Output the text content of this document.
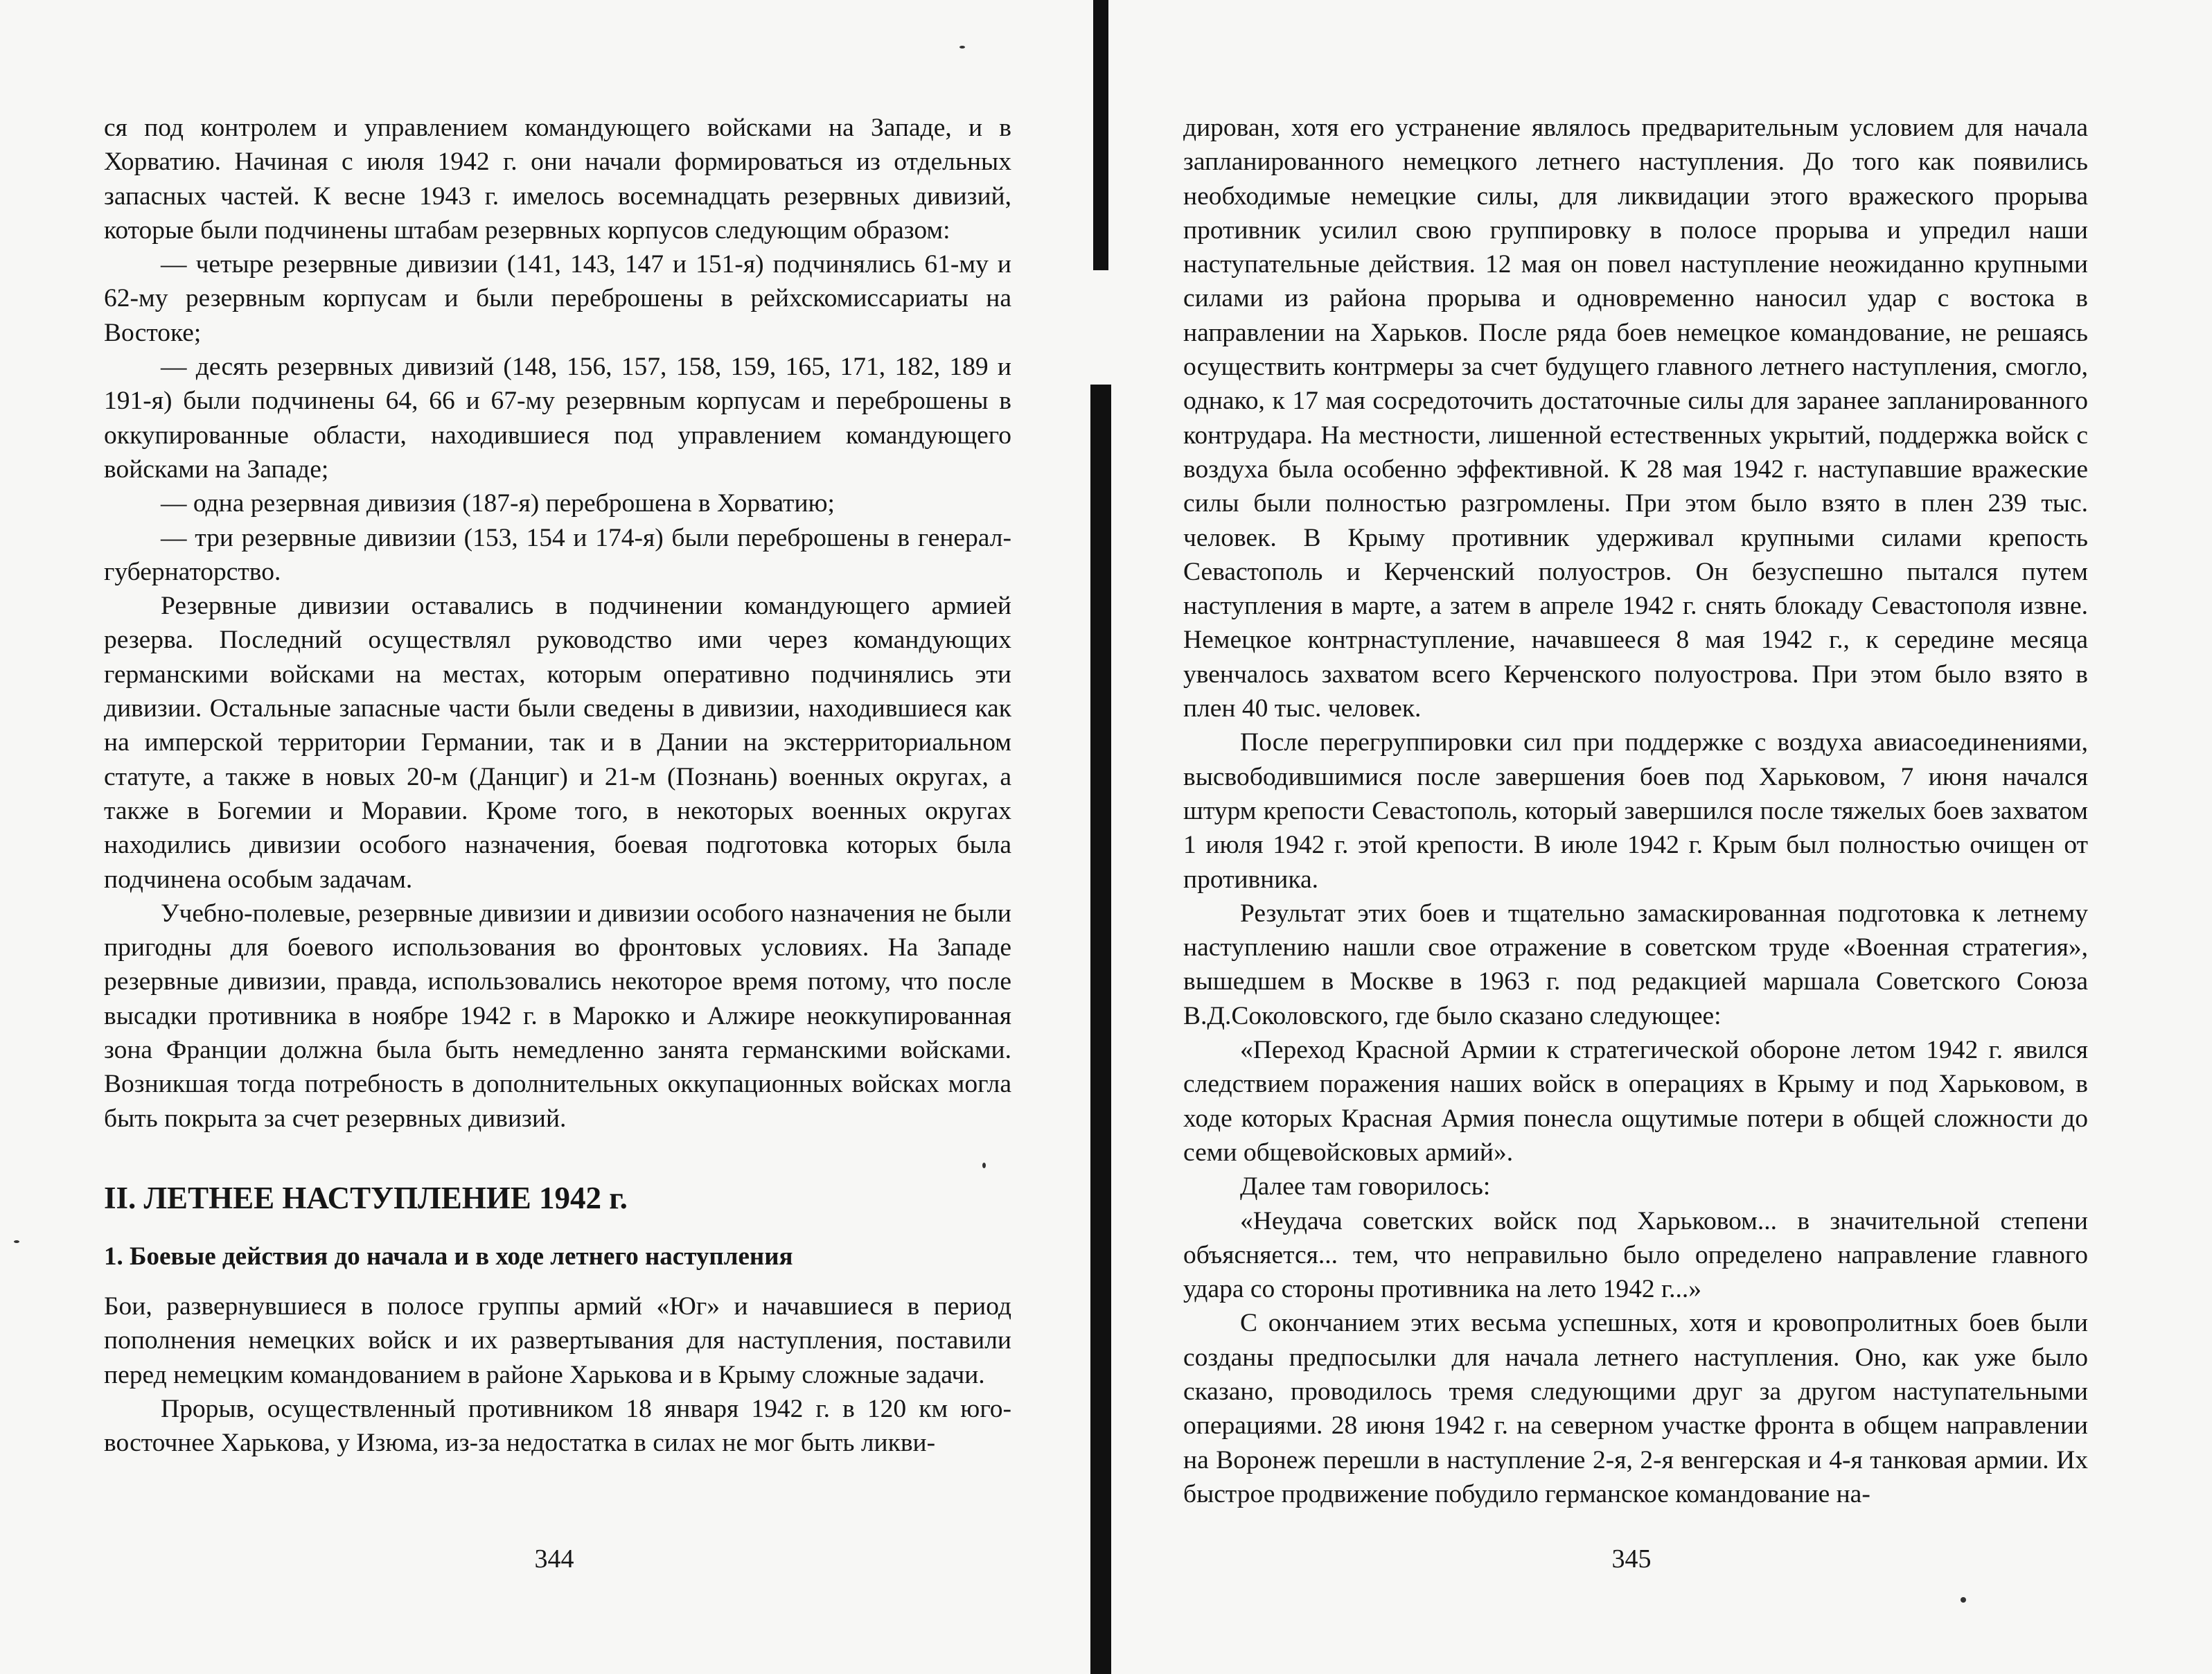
ся под контролем и управлением командующего войсками на Западе, и в Хорватию. Начиная с июля 1942 г. они начали формироваться из отдельных запасных частей. К весне 1943 г. имелось восемнадцать резервных дивизий, которые были подчинены штабам резервных корпусов следующим образом:

— четыре резервные дивизии (141, 143, 147 и 151-я) подчинялись 61-му и 62-му резервным корпусам и были переброшены в рейхскомиссариаты на Востоке;

— десять резервных дивизий (148, 156, 157, 158, 159, 165, 171, 182, 189 и 191-я) были подчинены 64, 66 и 67-му резервным корпусам и переброшены в оккупированные области, находившиеся под управлением командующего войсками на Западе;

— одна резервная дивизия (187-я) переброшена в Хорватию;

— три резервные дивизии (153, 154 и 174-я) были переброшены в генерал-губернаторство.

Резервные дивизии оставались в подчинении командующего армией резерва. Последний осуществлял руководство ими через командующих германскими войсками на местах, которым оперативно подчинялись эти дивизии. Остальные запасные части были сведены в дивизии, находившиеся как на имперской территории Германии, так и в Дании на экстерриториальном статуте, а также в новых 20-м (Данциг) и 21-м (Познань) военных округах, а также в Богемии и Моравии. Кроме того, в некоторых военных округах находились дивизии особого назначения, боевая подготовка которых была подчинена особым задачам.

Учебно-полевые, резервные дивизии и дивизии особого назначения не были пригодны для боевого использования во фронтовых условиях. На Западе резервные дивизии, правда, использовались некоторое время потому, что после высадки противника в ноябре 1942 г. в Марокко и Алжире неоккупированная зона Франции должна была быть немедленно занята германскими войсками. Возникшая тогда потребность в дополнительных оккупационных войсках могла быть покрыта за счет резервных дивизий.

II. ЛЕТНЕЕ НАСТУПЛЕНИЕ 1942 г.
1. Боевые действия до начала и в ходе летнего наступления

Бои, развернувшиеся в полосе группы армий «Юг» и начавшиеся в период пополнения немецких войск и их развертывания для наступления, поставили перед немецким командованием в районе Харькова и в Крыму сложные задачи.

Прорыв, осуществленный противником 18 января 1942 г. в 120 км юго-восточнее Харькова, у Изюма, из-за недостатка в силах не мог быть ликви-

344

дирован, хотя его устранение являлось предварительным условием для начала запланированного немецкого летнего наступления. До того как появились необходимые немецкие силы, для ликвидации этого вражеского прорыва противник усилил свою группировку в полосе прорыва и упредил наши наступательные действия. 12 мая он повел наступление неожиданно крупными силами из района прорыва и одновременно наносил удар с востока в направлении на Харьков. После ряда боев немецкое командование, не решаясь осуществить контрмеры за счет будущего главного летнего наступления, смогло, однако, к 17 мая сосредоточить достаточные силы для заранее запланированного контрудара. На местности, лишенной естественных укрытий, поддержка войск с воздуха была особенно эффективной. К 28 мая 1942 г. наступавшие вражеские силы были полностью разгромлены. При этом было взято в плен 239 тыс. человек. В Крыму противник удерживал крупными силами крепость Севастополь и Керченский полуостров. Он безуспешно пытался путем наступления в марте, а затем в апреле 1942 г. снять блокаду Севастополя извне. Немецкое контрнаступление, начавшееся 8 мая 1942 г., к середине месяца увенчалось захватом всего Керченского полуострова. При этом было взято в плен 40 тыс. человек.

После перегруппировки сил при поддержке с воздуха авиасоединениями, высвободившимися после завершения боев под Харьковом, 7 июня начался штурм крепости Севастополь, который завершился после тяжелых боев захватом 1 июля 1942 г. этой крепости. В июле 1942 г. Крым был полностью очищен от противника.

Результат этих боев и тщательно замаскированная подготовка к летнему наступлению нашли свое отражение в советском труде «Военная стратегия», вышедшем в Москве в 1963 г. под редакцией маршала Советского Союза В.Д.Соколовского, где было сказано следующее:

«Переход Красной Армии к стратегической обороне летом 1942 г. явился следствием поражения наших войск в операциях в Крыму и под Харьковом, в ходе которых Красная Армия понесла ощутимые потери в общей сложности до семи общевойсковых армий».

Далее там говорилось:

«Неудача советских войск под Харьковом... в значительной степени объясняется... тем, что неправильно было определено направление главного удара со стороны противника на лето 1942 г...»

С окончанием этих весьма успешных, хотя и кровопролитных боев были созданы предпосылки для начала летнего наступления. Оно, как уже было сказано, проводилось тремя следующими друг за другом наступательными операциями. 28 июня 1942 г. на северном участке фронта в общем направлении на Воронеж перешли в наступление 2-я, 2-я венгерская и 4-я танковая армии. Их быстрое продвижение побудило германское командование на-

345
